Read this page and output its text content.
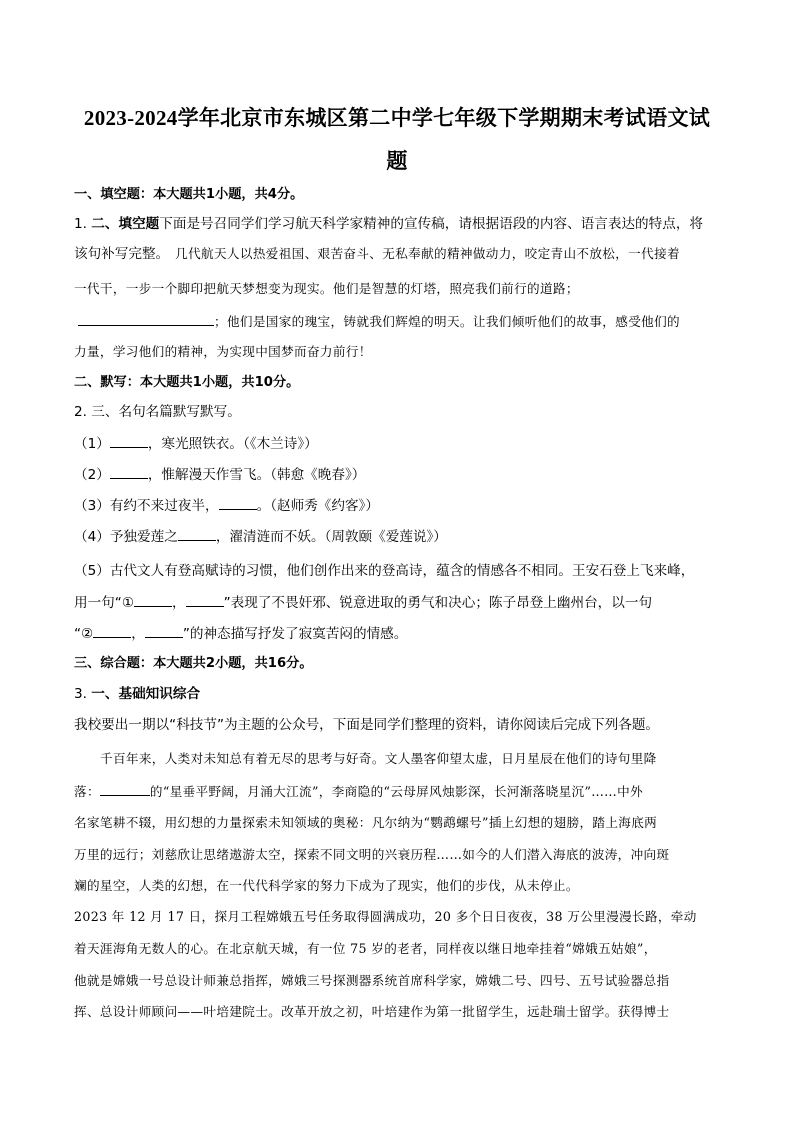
2023-2024学年北京市东城区第二中学七年级下学期期末考试语文试
题
一、填空题：本大题共1小题，共4分。
1. 二、填空题下面是号召同学们学习航天科学家精神的宣传稿，请根据语段的内容、语言表达的特点，将
该句补写完整。 几代航天人以热爱祖国、艰苦奋斗、无私奉献的精神做动力，咬定青山不放松，一代接着
一代干，一步一个脚印把航天梦想变为现实。他们是智慧的灯塔，照亮我们前行的道路；
；他们是国家的瑰宝，铸就我们辉煌的明天。让我们倾听他们的故事，感受他们的
力量，学习他们的精神，为实现中国梦而奋力前行！
二、默写：本大题共1小题，共10分。
2. 三、名句名篇默写默写。
（1）	，寒光照铁衣。（《木兰诗》）
（2）	，惟解漫天作雪飞。（韩愈《晚春》）
（3）有约不来过夜半，	。（赵师秀《约客》）
（4）予独爱莲之	，濯清涟而不妖。（周敦颐《爱莲说》）
（5）古代文人有登高赋诗的习惯，他们创作出来的登高诗，蕴含的情感各不相同。王安石登上飞来峰，
用一句“①	，	”表现了不畏奸邪、锐意进取的勇气和决心；陈子昂登上幽州台，以一句
“②	，	”的神态描写抒发了寂寞苦闷的情感。
三、综合题：本大题共2小题，共16分。
3. 一、基础知识综合
我校要出一期以“科技节”为主题的公众号，下面是同学们整理的资料，请你阅读后完成下列各题。
千百年来，人类对未知总有着无尽的思考与好奇。文人墨客仰望太虚，日月星辰在他们的诗句里降
落：	的“星垂平野阔，月涌大江流”，李商隐的“云母屏风烛影深，长河渐落晓星沉”……中外
名家笔耕不辍，用幻想的力量探索未知领域的奥秘：凡尔纳为“鹦鹉螺号”插上幻想的翅膀，踏上海底两
万里的远行；刘慈欣让思绪遨游太空，探索不同文明的兴衰历程……如今的人们潜入海底的波涛，冲向斑
斓的星空，人类的幻想，在一代代科学家的努力下成为了现实，他们的步伐，从未停止。
2023 年 12 月 17 日，探月工程嫦娥五号任务取得圆满成功，20 多个日日夜夜，38 万公里漫漫长路，牵动
着天涯海角无数人的心。在北京航天城，有一位 75 岁的老者，同样夜以继日地牵挂着“嫦娥五姑娘”，
他就是嫦娥一号总设计师兼总指挥，嫦娥三号探测器系统首席科学家，嫦娥二号、四号、五号试验器总指
挥、总设计师顾问——叶培建院士。改革开放之初，叶培建作为第一批留学生，远赴瑞士留学。获得博士
